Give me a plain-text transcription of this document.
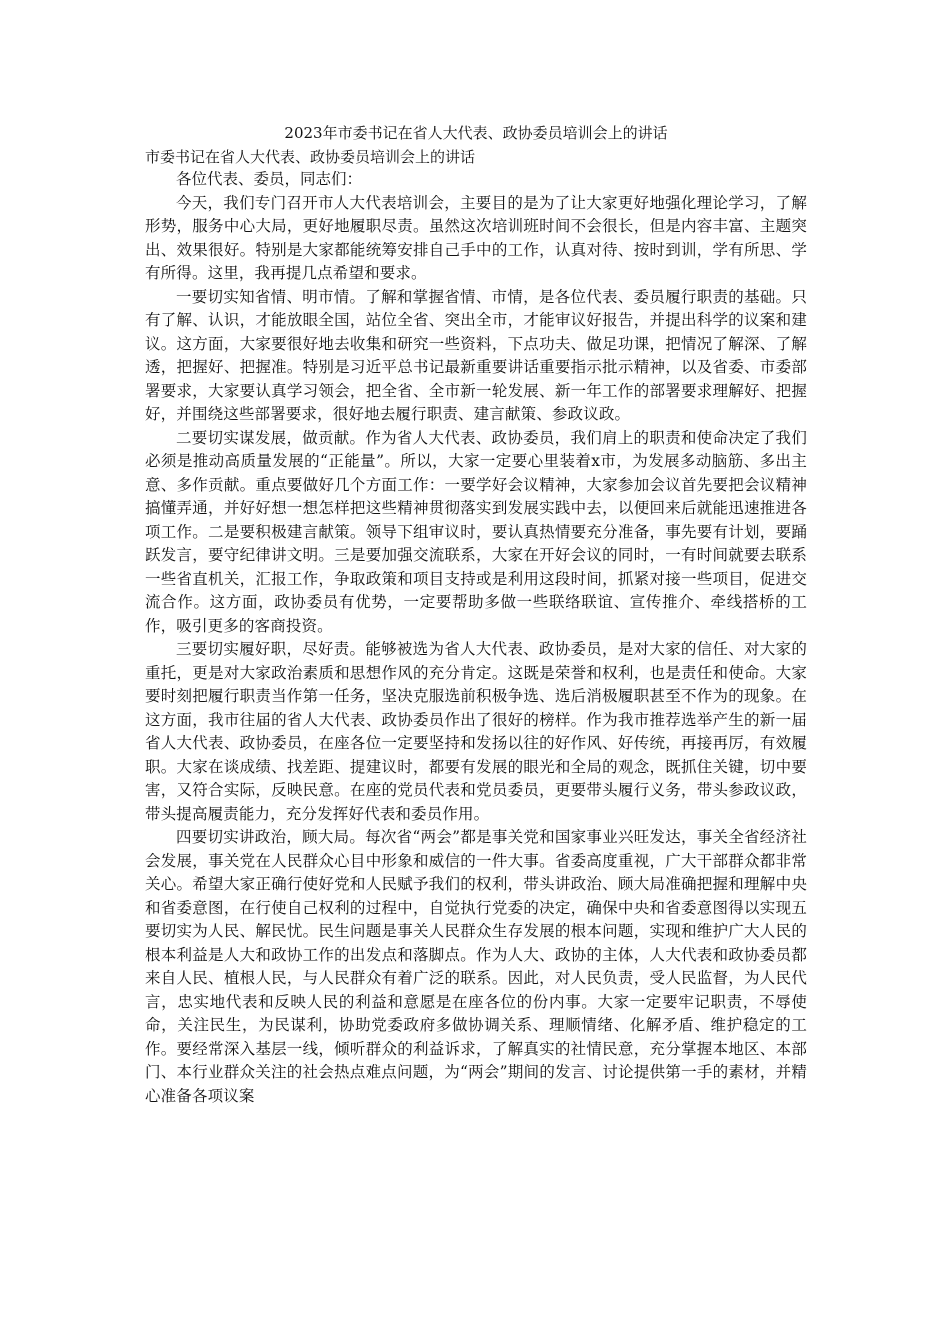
2023年市委书记在省人大代表、政协委员培训会上的讲话

市委书记在省人大代表、政协委员培训会上的讲话

各位代表、委员，同志们：

今天，我们专门召开市人大代表培训会，主要目的是为了让大家更好地强化理论学习，了解形势，服务中心大局，更好地履职尽责。虽然这次培训班时间不会很长，但是内容丰富、主题突出、效果很好。特别是大家都能统筹安排自己手中的工作，认真对待、按时到训，学有所思、学有所得。这里，我再提几点希望和要求。

一要切实知省情、明市情。了解和掌握省情、市情，是各位代表、委员履行职责的基础。只有了解、认识，才能放眼全国，站位全省、突出全市，才能审议好报告，并提出科学的议案和建议。这方面，大家要很好地去收集和研究一些资料，下点功夫、做足功课，把情况了解深、了解透，把握好、把握准。特别是习近平总书记最新重要讲话重要指示批示精神，以及省委、市委部署要求，大家要认真学习领会，把全省、全市新一轮发展、新一年工作的部署要求理解好、把握好，并围绕这些部署要求，很好地去履行职责、建言献策、参政议政。

二要切实谋发展，做贡献。作为省人大代表、政协委员，我们肩上的职责和使命决定了我们必须是推动高质量发展的“正能量”。所以，大家一定要心里装着x市，为发展多动脑筋、多出主意、多作贡献。重点要做好几个方面工作：一要学好会议精神，大家参加会议首先要把会议精神搞懂弄通，并好好想一想怎样把这些精神贯彻落实到发展实践中去，以便回来后就能迅速推进各项工作。二是要积极建言献策。领导下组审议时，要认真热情要充分准备，事先要有计划，要踊跃发言，要守纪律讲文明。三是要加强交流联系，大家在开好会议的同时，一有时间就要去联系一些省直机关，汇报工作，争取政策和项目支持或是利用这段时间，抓紧对接一些项目，促进交流合作。这方面，政协委员有优势，一定要帮助多做一些联络联谊、宣传推介、牵线搭桥的工作，吸引更多的客商投资。

三要切实履好职，尽好责。能够被选为省人大代表、政协委员，是对大家的信任、对大家的重托，更是对大家政治素质和思想作风的充分肯定。这既是荣誉和权利，也是责任和使命。大家要时刻把履行职责当作第一任务，坚决克服选前积极争选、选后消极履职甚至不作为的现象。在这方面，我市往届的省人大代表、政协委员作出了很好的榜样。作为我市推荐选举产生的新一届省人大代表、政协委员，在座各位一定要坚持和发扬以往的好作风、好传统，再接再厉，有效履职。大家在谈成绩、找差距、提建议时，都要有发展的眼光和全局的观念，既抓住关键，切中要害，又符合实际，反映民意。在座的党员代表和党员委员，更要带头履行义务，带头参政议政，带头提高履责能力，充分发挥好代表和委员作用。

四要切实讲政治，顾大局。每次省“两会”都是事关党和国家事业兴旺发达，事关全省经济社会发展，事关党在人民群众心目中形象和威信的一件大事。省委高度重视，广大干部群众都非常关心。希望大家正确行使好党和人民赋予我们的权利，带头讲政治、顾大局准确把握和理解中央和省委意图，在行使自己权利的过程中，自觉执行党委的决定，确保中央和省委意图得以实现五要切实为人民、解民忧。民生问题是事关人民群众生存发展的根本问题，实现和维护广大人民的根本利益是人大和政协工作的出发点和落脚点。作为人大、政协的主体，人大代表和政协委员都来自人民、植根人民，与人民群众有着广泛的联系。因此，对人民负责，受人民监督，为人民代言，忠实地代表和反映人民的利益和意愿是在座各位的份内事。大家一定要牢记职责，不辱使命，关注民生，为民谋利，协助党委政府多做协调关系、理顺情绪、化解矛盾、维护稳定的工作。要经常深入基层一线，倾听群众的利益诉求，了解真实的社情民意，充分掌握本地区、本部门、本行业群众关注的社会热点难点问题，为“两会”期间的发言、讨论提供第一手的素材，并精心准备各项议案
